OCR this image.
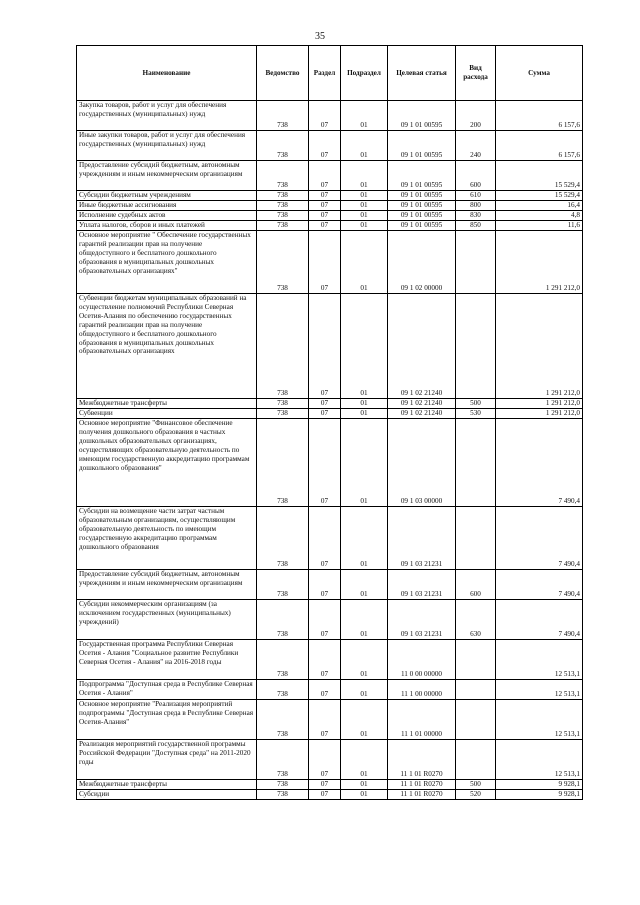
35
Наименование	Ведомство	Раздел	Подраздел	Целевая статья	Вид расхода	Сумма
Закупка товаров, работ и услуг для обеспечения государственных (муниципальных) нужд	738	07	01	09 1 01 00595	200	6 157,6
Иные закупки товаров, работ и услуг для обеспечения государственных (муниципальных) нужд	738	07	01	09 1 01 00595	240	6 157,6
Предоставление субсидий бюджетным, автономным учреждениям и иным некоммерческим организациям	738	07	01	09 1 01 00595	600	15 529,4
Субсидии бюджетным учреждениям	738	07	01	09 1 01 00595	610	15 529,4
Иные бюджетные ассигнования	738	07	01	09 1 01 00595	800	16,4
Исполнение судебных актов	738	07	01	09 1 01 00595	830	4,8
Уплата налогов, сборов и иных платежей	738	07	01	09 1 01 00595	850	11,6
Основное мероприятие " Обеспечение государственных гарантий реализации прав на получение общедоступного и бесплатного дошкольного образования в муниципальных дошкольных образовательных организациях"	738	07	01	09 1 02 00000		1 291 212,0
Субвенции бюджетам муниципальных образований на осуществление полномочий Республики Северная Осетия-Алания по обеспечению государственных гарантий реализации прав на получение общедоступного и бесплатного дошкольного образования в муниципальных дошкольных образовательных организациях	738	07	01	09 1 02 21240		1 291 212,0
Межбюджетные трансферты	738	07	01	09 1 02 21240	500	1 291 212,0
Субвенции	738	07	01	09 1 02 21240	530	1 291 212,0
Основное мероприятие "Финансовое обеспечение получения дошкольного образования в частных дошкольных образовательных организациях, осуществляющих образовательную деятельность по имеющим государственную аккредитацию программам дошкольного образования"	738	07	01	09 1 03 00000		7 490,4
Субсидии на возмещение части затрат частным образовательным организациям, осуществляющим образовательную деятельность по имеющим государственную аккредитацию программам дошкольного образования	738	07	01	09 1 03 21231		7 490,4
Предоставление субсидий бюджетным, автономным учреждениям и иным некоммерческим организациям	738	07	01	09 1 03 21231	600	7 490,4
Субсидии некоммерческим организациям (за исключением государственных (муниципальных) учреждений)	738	07	01	09 1 03 21231	630	7 490,4
Государственная программа Республики Северная Осетия - Алания "Социальное развитие Республики Северная Осетия - Алания" на 2016-2018 годы	738	07	01	11 0 00 00000		12 513,1
Подпрограмма "Доступная среда в Республике Северная Осетия - Алания"	738	07	01	11 1 00 00000		12 513,1
Основное мероприятие "Реализация мероприятий подпрограммы "Доступная среда в Республике Северная Осетия-Алания"	738	07	01	11 1 01 00000		12 513,1
Реализация мероприятий государственной программы Российской Федерации "Доступная среда" на 2011-2020 годы	738	07	01	11 1 01 R0270		12 513,1
Межбюджетные трансферты	738	07	01	11 1 01 R0270	500	9 928,1
Субсидии	738	07	01	11 1 01 R0270	520	9 928,1
